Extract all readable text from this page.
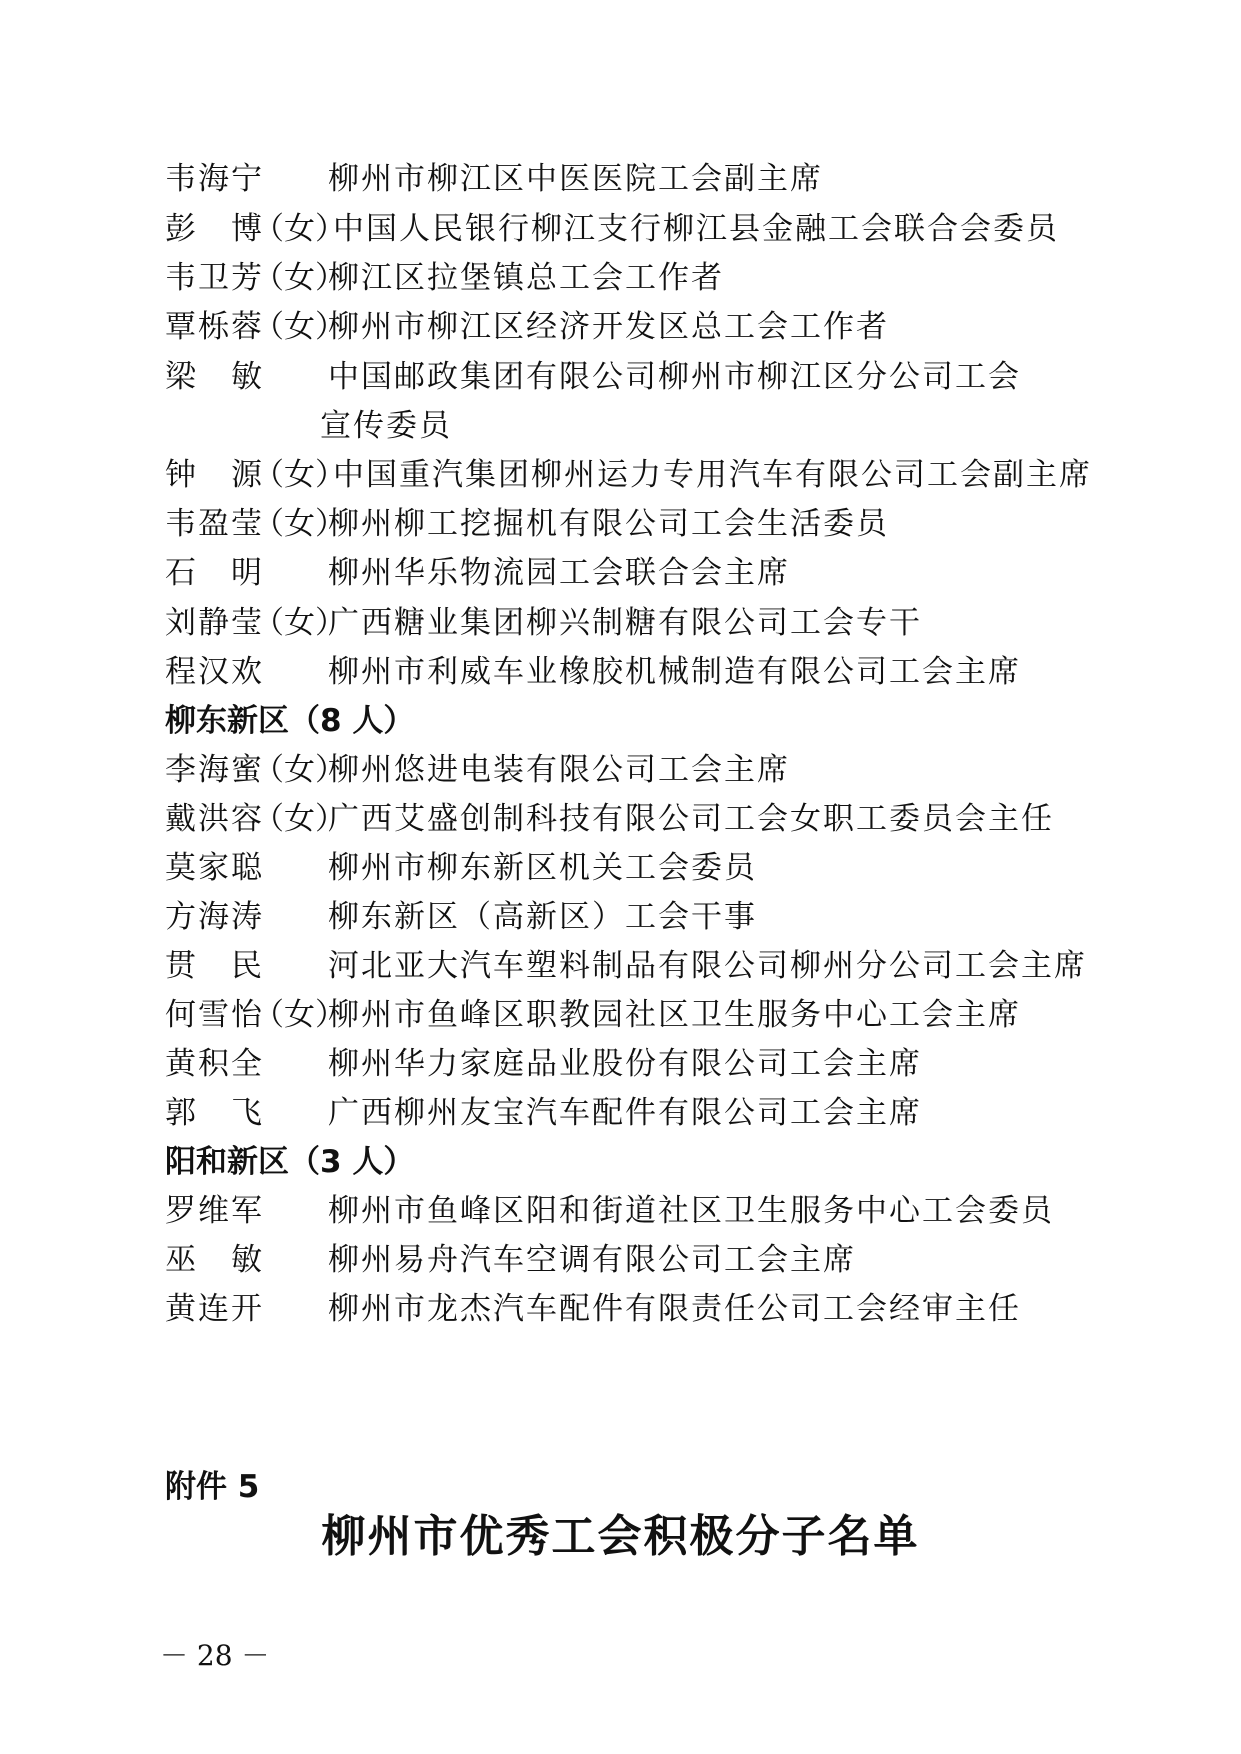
韦海宁 柳州市柳江区中医医院工会副主席
彭　博
（女）
中国人民银行柳江支行柳江县金融工会联合会委员
韦卫芳
（女）
柳江区拉堡镇总工会工作者
覃栎蓉
（女）
柳州市柳江区经济开发区总工会工作者
梁　敏 中国邮政集团有限公司柳州市柳江区分公司工会
宣传委员
钟　源
（女）
中国重汽集团柳州运力专用汽车有限公司工会副主席
韦盈莹
（女）
柳州柳工挖掘机有限公司工会生活委员
石　明 柳州华乐物流园工会联合会主席
刘静莹
（女）
广西糖业集团柳兴制糖有限公司工会专干
程汉欢 柳州市利威车业橡胶机械制造有限公司工会主席
柳东新区（8 人）
李海蜜
（女）
柳州悠进电装有限公司工会主席
戴洪容
（女）
广西艾盛创制科技有限公司工会女职工委员会主任
莫家聪 柳州市柳东新区机关工会委员
方海涛 柳东新区（高新区）工会干事
贯　民 河北亚大汽车塑料制品有限公司柳州分公司工会主席
何雪怡
（女）
柳州市鱼峰区职教园社区卫生服务中心工会主席
黄积全 柳州华力家庭品业股份有限公司工会主席
郭　飞 广西柳州友宝汽车配件有限公司工会主席
阳和新区（3 人）
罗维军 柳州市鱼峰区阳和街道社区卫生服务中心工会委员
巫　敏 柳州易舟汽车空调有限公司工会主席
黄连开 柳州市龙杰汽车配件有限责任公司工会经审主任
附件 5
柳州市优秀工会积极分子名单
－ 28 －
